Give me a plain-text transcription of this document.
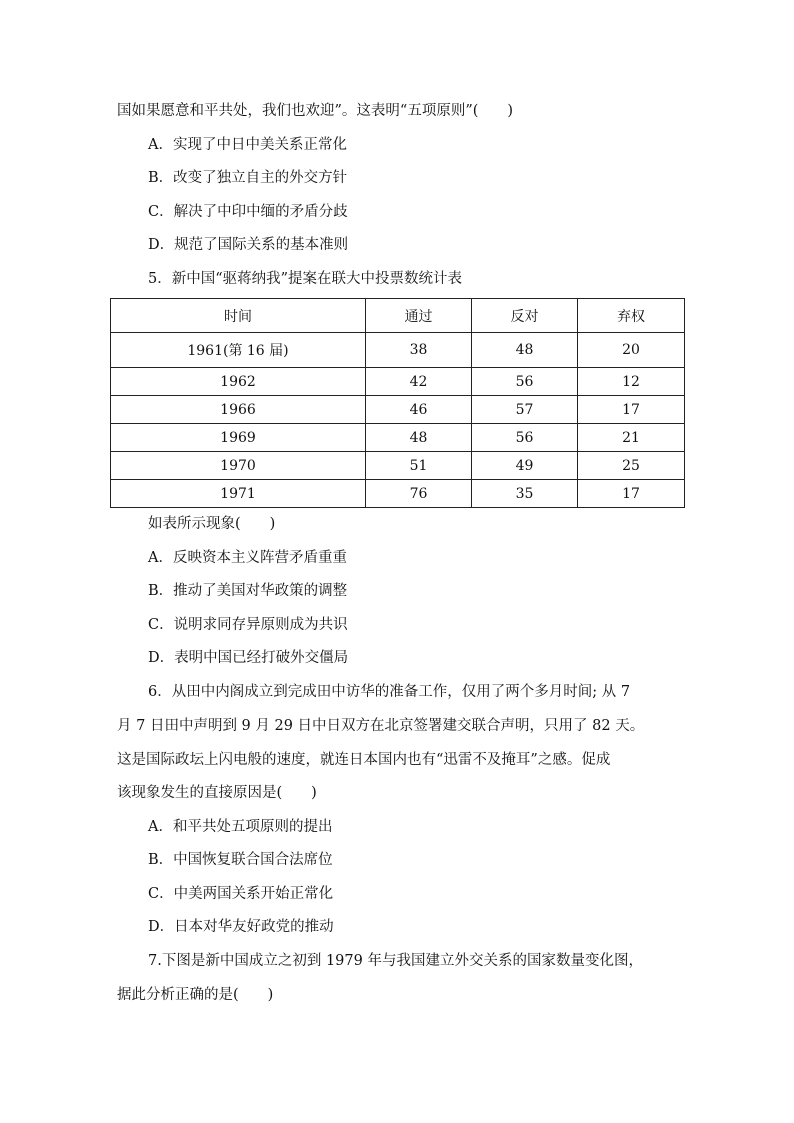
国如果愿意和平共处，我们也欢迎”。这表明“五项原则”(　　)
A．实现了中日中美关系正常化
B．改变了独立自主的外交方针
C．解决了中印中缅的矛盾分歧
D．规范了国际关系的基本准则
5．新中国“驱蒋纳我”提案在联大中投票数统计表
时间	通过	反对	弃权
1961(第 16 届)	38	48	20
1962	42	56	12
1966	46	57	17
1969	48	56	21
1970	51	49	25
1971	76	35	17
如表所示现象(　　)
A．反映资本主义阵营矛盾重重
B．推动了美国对华政策的调整
C．说明求同存异原则成为共识
D．表明中国已经打破外交僵局
6．从田中内阁成立到完成田中访华的准备工作，仅用了两个多月时间; 从 7
月 7 日田中声明到 9 月 29 日中日双方在北京签署建交联合声明，只用了 82 天。
这是国际政坛上闪电般的速度，就连日本国内也有“迅雷不及掩耳”之感。促成
该现象发生的直接原因是(　　)
A．和平共处五项原则的提出
B．中国恢复联合国合法席位
C．中美两国关系开始正常化
D．日本对华友好政党的推动
7.下图是新中国成立之初到 1979 年与我国建立外交关系的国家数量变化图，
据此分析正确的是(　　)
